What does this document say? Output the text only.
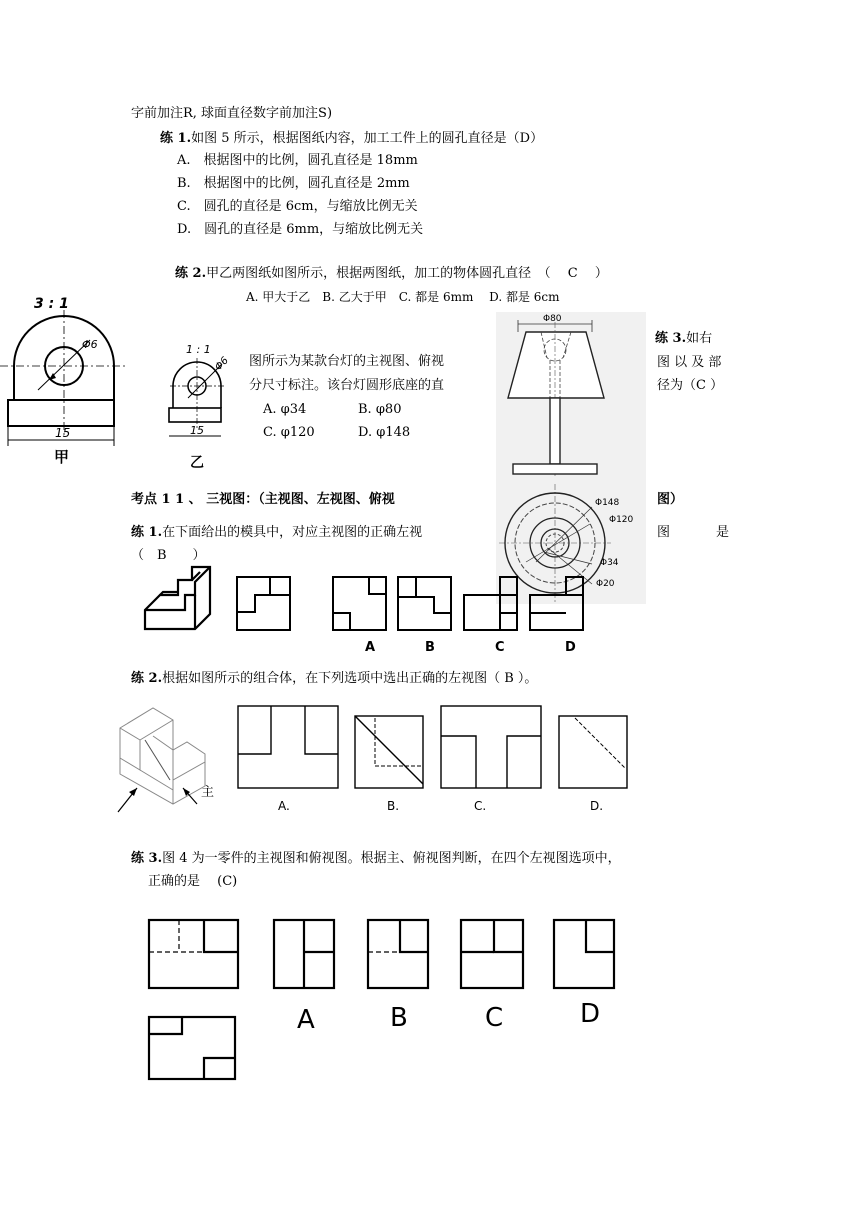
字前加注R, 球面直径数字前加注S)
练 1.如图 5 所示，根据图纸内容，加工工件上的圆孔直径是（D）
A.　根据图中的比例，圆孔直径是 18mm
B.　根据图中的比例，圆孔直径是 2mm
C.　圆孔的直径是 6cm，与缩放比例无关
D.　圆孔的直径是 6mm，与缩放比例无关
练 2.甲乙两图纸如图所示，根据两图纸，加工的物体圆孔直径　（　 C　 ）
A. 甲大于乙　B. 乙大于甲　C. 都是 6mm　 D. 都是 6cm
3 : 1
Φ6
15
甲
1 : 1
Φ6
15
乙
图所示为某款台灯的主视图、俯视
分尺寸标注。该台灯圆形底座的直
A. φ34	B. φ80
C. φ120	D. φ148
练 3.如右
图 以 及 部
径为（C ）
Φ80
Φ148
Φ120
Φ34
Φ20
考点 1 1 、 三视图：（主视图、左视图、俯视	图）
练 1.在下面给出的模具中，对应主视图的正确左视	图	是
（　B　　）
A	B	C	D
练 2.根据如图所示的组合体，在下列选项中选出正确的左视图（ B ）。
主
A.	B.	C.	D.
练 3.图 4 为一零件的主视图和俯视图。根据主、俯视图判断，在四个左视图选项中，
正确的是　 (C)
A	B	C	D
